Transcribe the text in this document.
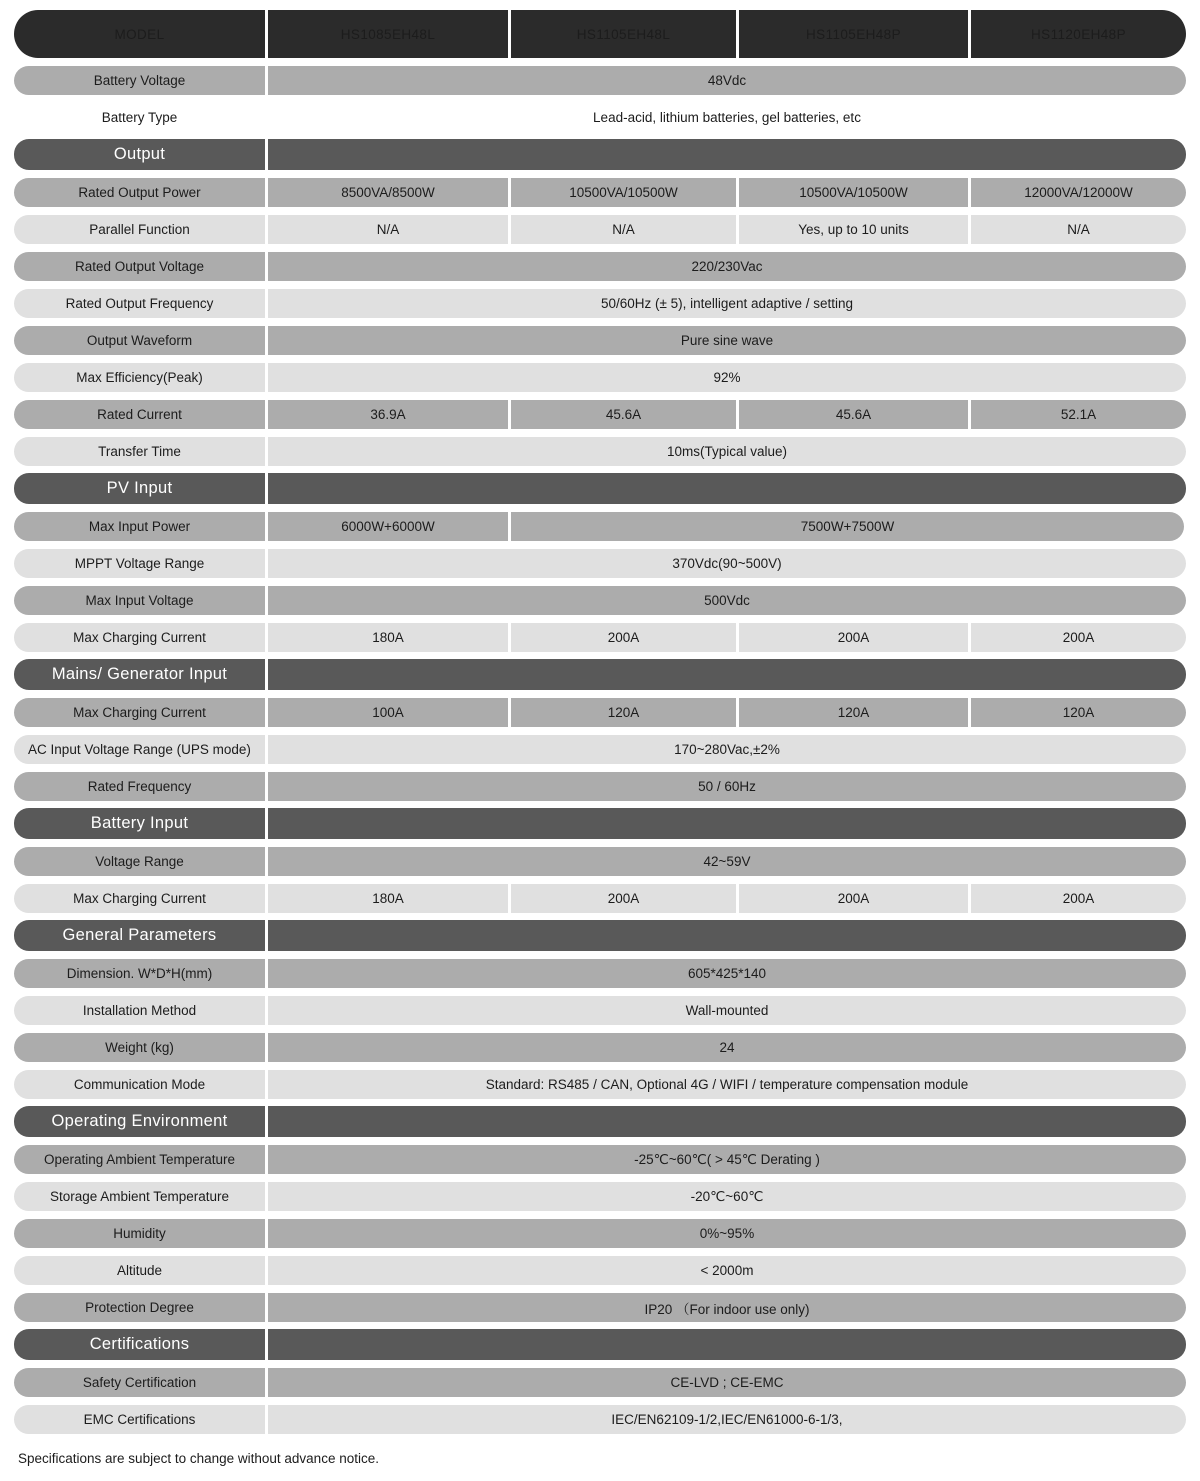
MODEL	HS1085EH48L	HS1105EH48L	HS1105EH48P	HS1120EH48P
Battery Voltage	48Vdc
Battery Type	Lead-acid, lithium batteries, gel batteries, etc
Output
Rated Output Power	8500VA/8500W	10500VA/10500W	10500VA/10500W	12000VA/12000W
Parallel Function	N/A	N/A	Yes, up to 10 units	N/A
Rated Output Voltage	220/230Vac
Rated Output Frequency	50/60Hz (± 5), intelligent adaptive / setting
Output Waveform	Pure sine wave
Max Efficiency(Peak)	92%
Rated Current	36.9A	45.6A	45.6A	52.1A
Transfer Time	10ms(Typical value)
PV Input
Max Input Power	6000W+6000W	7500W+7500W
MPPT Voltage Range	370Vdc(90~500V)
Max Input Voltage	500Vdc
Max Charging Current	180A	200A	200A	200A
Mains/ Generator Input
Max Charging Current	100A	120A	120A	120A
AC Input Voltage Range (UPS mode)	170~280Vac,±2%
Rated Frequency	50 / 60Hz
Battery Input
Voltage Range	42~59V
Max Charging Current	180A	200A	200A	200A
General Parameters
Dimension. W*D*H(mm)	605*425*140
Installation Method	Wall-mounted
Weight (kg)	24
Communication Mode	Standard: RS485 / CAN, Optional 4G / WIFI / temperature compensation module
Operating Environment
Operating Ambient Temperature	-25℃~60℃( > 45℃ Derating )
Storage Ambient Temperature	-20℃~60℃
Humidity	0%~95%
Altitude	< 2000m
Protection Degree	IP20 （For indoor use only)
Certifications
Safety Certification	CE-LVD ; CE-EMC
EMC Certifications	IEC/EN62109-1/2,IEC/EN61000-6-1/3,
Specifications are subject to change without advance notice.
